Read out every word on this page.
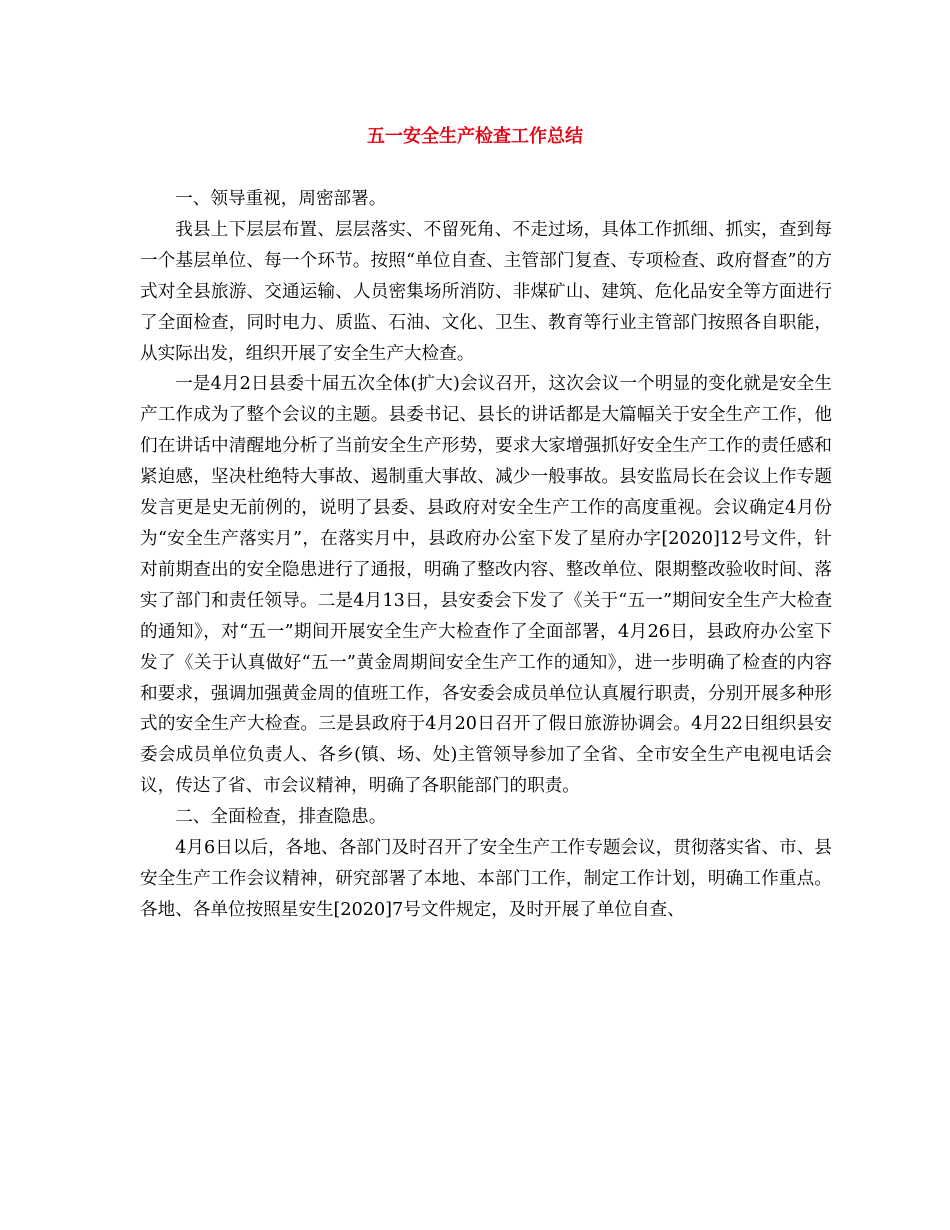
五一安全生产检查工作总结

一、领导重视，周密部署。

我县上下层层布置、层层落实、不留死角、不走过场，具体工作抓细、抓实，查到每一个基层单位、每一个环节。按照“单位自查、主管部门复查、专项检查、政府督查”的方式对全县旅游、交通运输、人员密集场所消防、非煤矿山、建筑、危化品安全等方面进行了全面检查，同时电力、质监、石油、文化、卫生、教育等行业主管部门按照各自职能，从实际出发，组织开展了安全生产大检查。

一是4月2日县委十届五次全体(扩大)会议召开，这次会议一个明显的变化就是安全生产工作成为了整个会议的主题。县委书记、县长的讲话都是大篇幅关于安全生产工作，他们在讲话中清醒地分析了当前安全生产形势，要求大家增强抓好安全生产工作的责任感和紧迫感，坚决杜绝特大事故、遏制重大事故、减少一般事故。县安监局长在会议上作专题发言更是史无前例的，说明了县委、县政府对安全生产工作的高度重视。会议确定4月份为“安全生产落实月”，在落实月中，县政府办公室下发了星府办字[2020]12号文件，针对前期查出的安全隐患进行了通报，明确了整改内容、整改单位、限期整改验收时间、落实了部门和责任领导。二是4月13日，县安委会下发了《关于“五一”期间安全生产大检查的通知》，对“五一”期间开展安全生产大检查作了全面部署，4月26日，县政府办公室下发了《关于认真做好“五一”黄金周期间安全生产工作的通知》，进一步明确了检查的内容和要求，强调加强黄金周的值班工作，各安委会成员单位认真履行职责，分别开展多种形式的安全生产大检查。三是县政府于4月20日召开了假日旅游协调会。4月22日组织县安委会成员单位负责人、各乡(镇、场、处)主管领导参加了全省、全市安全生产电视电话会议，传达了省、市会议精神，明确了各职能部门的职责。

二、全面检查，排查隐患。

4月6日以后，各地、各部门及时召开了安全生产工作专题会议，贯彻落实省、市、县安全生产工作会议精神，研究部署了本地、本部门工作，制定工作计划，明确工作重点。各地、各单位按照星安生[2020]7号文件规定，及时开展了单位自查、
